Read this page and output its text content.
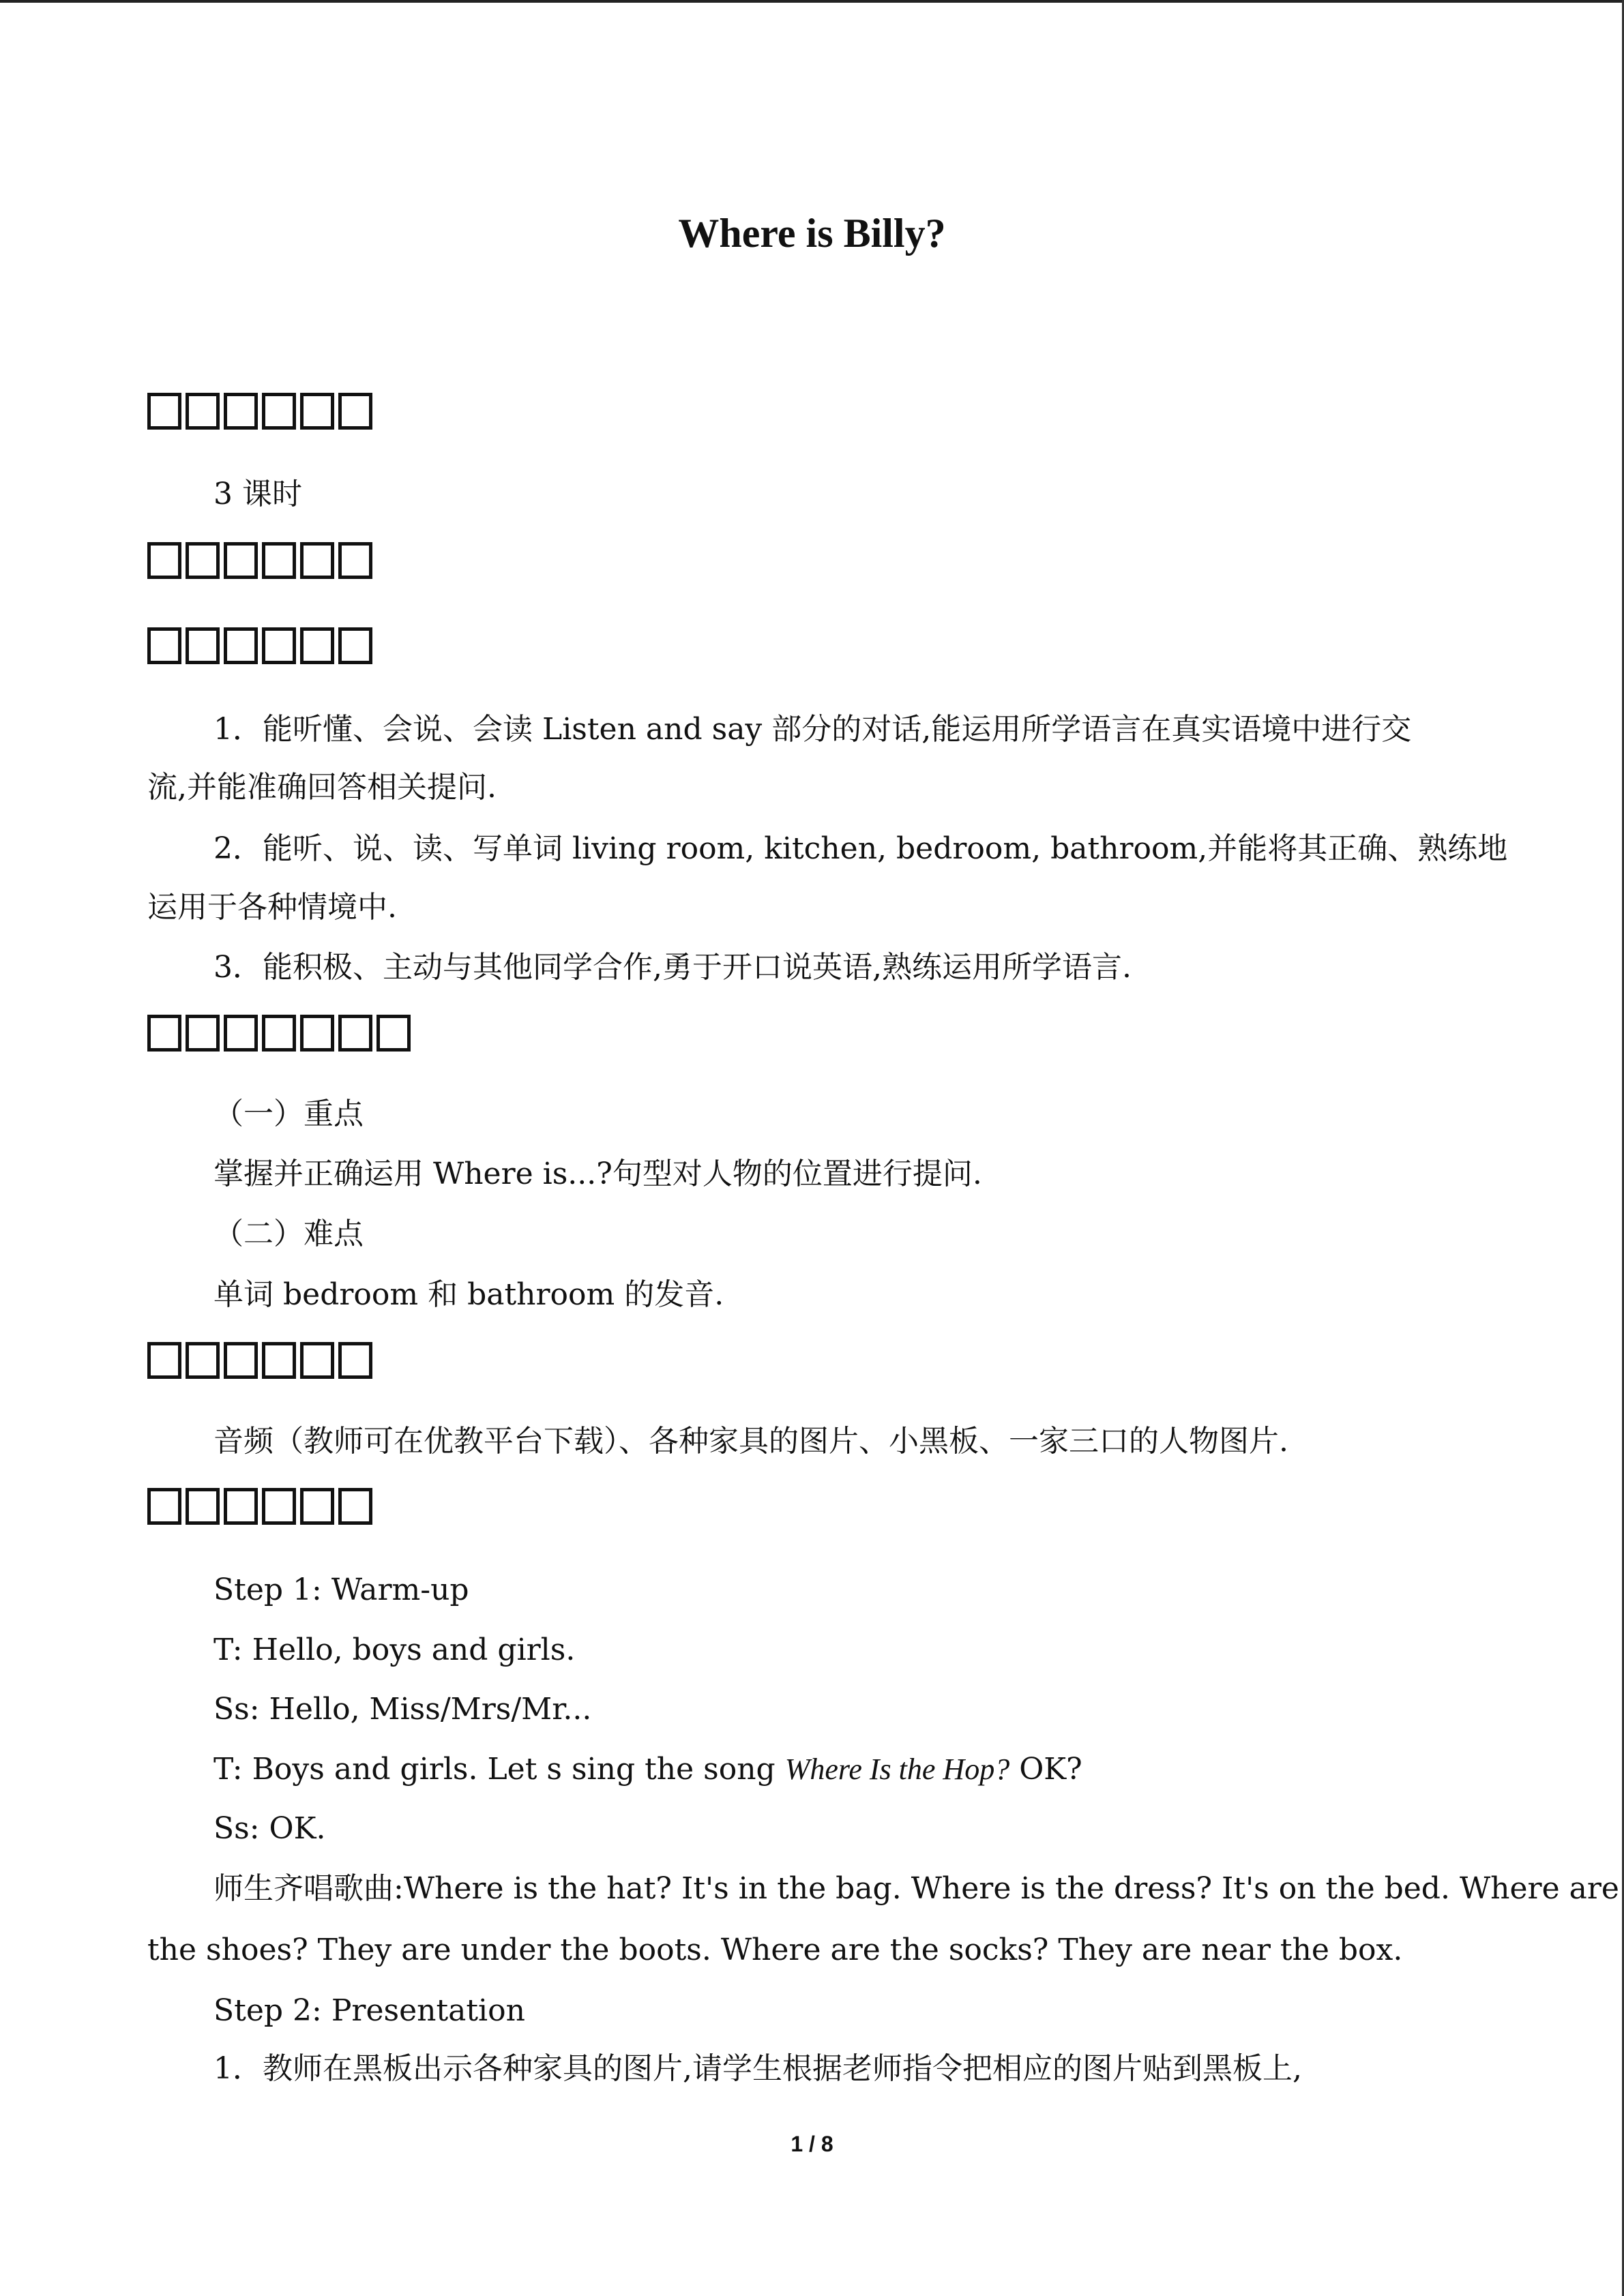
Where is Billy?
3 课时
1．能听懂、会说、会读 Listen and say 部分的对话,能运用所学语言在真实语境中进行交
流,并能准确回答相关提问.
2．能听、说、读、写单词 living room, kitchen, bedroom, bathroom,并能将其正确、熟练地
运用于各种情境中.
3．能积极、主动与其他同学合作,勇于开口说英语,熟练运用所学语言.
（一）重点
掌握并正确运用 Where is...?句型对人物的位置进行提问.
（二）难点
单词 bedroom 和 bathroom 的发音.
音频（教师可在优教平台下载）、各种家具的图片、小黑板、一家三口的人物图片.
Step 1: Warm-up
T: Hello, boys and girls.
Ss: Hello, Miss/Mrs/Mr...
T: Boys and girls. Let s sing the song Where Is the Hop? OK?
Ss: OK.
师生齐唱歌曲:Where is the hat? It's in the bag. Where is the dress? It's on the bed. Where are
the shoes? They are under the boots. Where are the socks? They are near the box.
Step 2: Presentation
1．教师在黑板出示各种家具的图片,请学生根据老师指令把相应的图片贴到黑板上,
1 / 8
